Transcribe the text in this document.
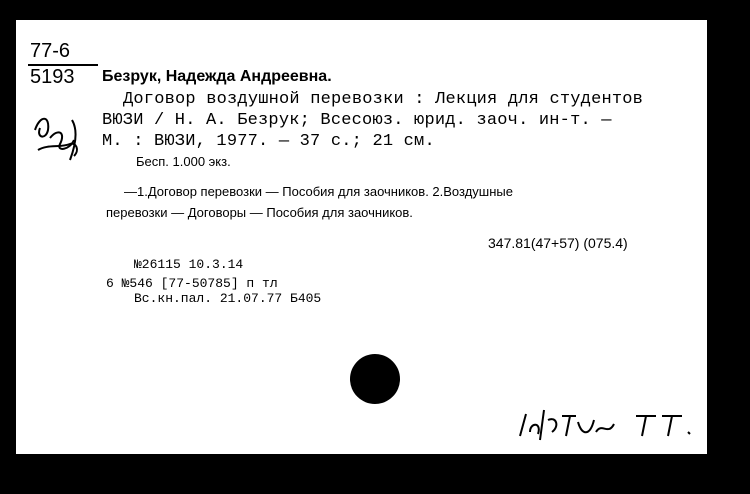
77-6
5193 Безрук, Надежда Андреевна.
Договор воздушной перевозки : Лекция для студентов
ВЮЗИ / Н. А. Безрук; Всесоюз. юрид. заоч. ин-т. —
М. : ВЮЗИ, 1977. — 37 с.; 21 см.
Бесп. 1.000 экз.
—1.Договор перевозки — Пособия для заочников. 2.Воздушные
перевозки — Договоры — Пособия для заочников.
347.81(47+57) (075.4)
№26115 10.3.14
6 №546 [77-50785] п тл
Вс.кн.пал. 21.07.77 Б405
